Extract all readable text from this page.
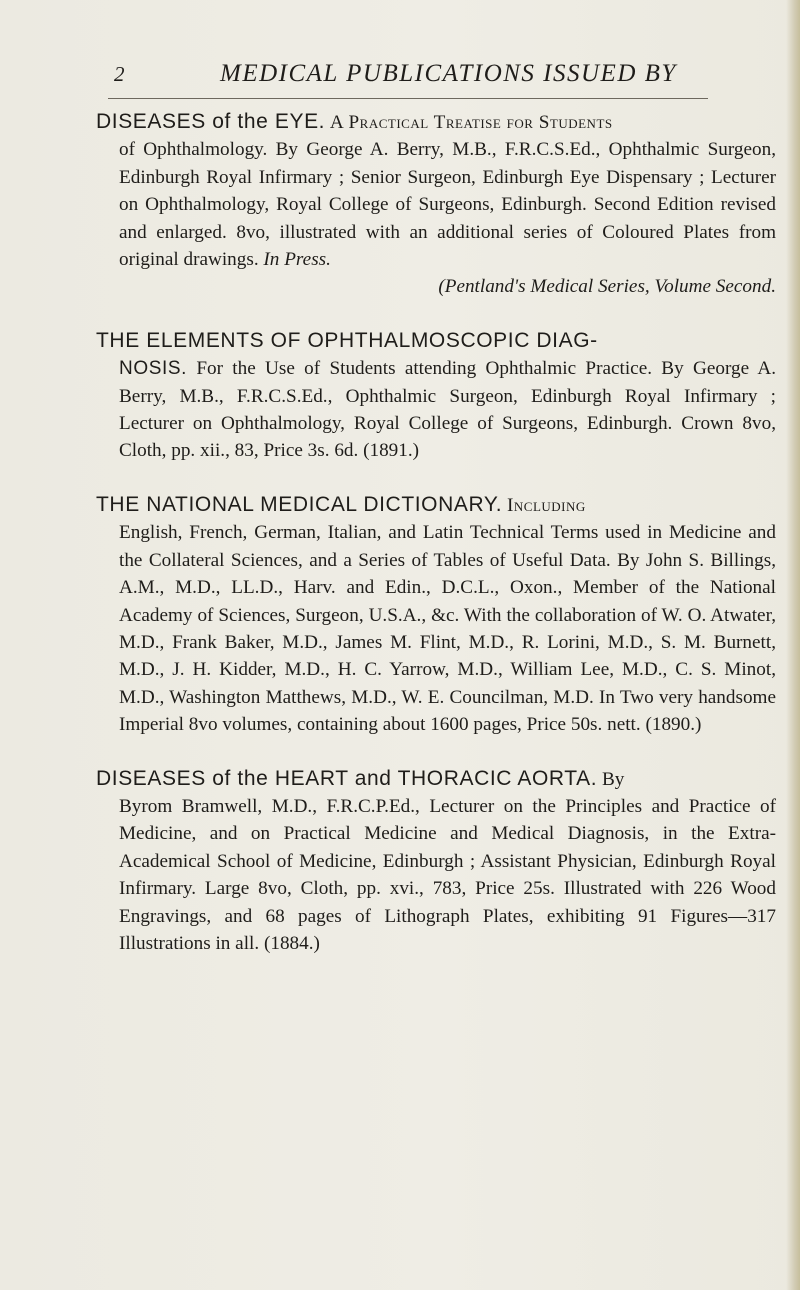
2	MEDICAL PUBLICATIONS ISSUED BY

DISEASES of the EYE. A Practical Treatise for Students

of Ophthalmology. By George A. Berry, M.B., F.R.C.S.Ed., Ophthalmic Surgeon, Edinburgh Royal Infirmary ; Senior Surgeon, Edinburgh Eye Dispensary ; Lecturer on Ophthalmology, Royal College of Surgeons, Edinburgh. Second Edition revised and enlarged. 8vo, illustrated with an additional series of Coloured Plates from original drawings. In Press.

(Pentland's Medical Series, Volume Second.

THE ELEMENTS OF OPHTHALMOSCOPIC DIAG-

NOSIS. For the Use of Students attending Ophthalmic Practice. By George A. Berry, M.B., F.R.C.S.Ed., Ophthalmic Surgeon, Edinburgh Royal Infirmary ; Lecturer on Ophthalmology, Royal College of Surgeons, Edinburgh. Crown 8vo, Cloth, pp. xii., 83, Price 3s. 6d. (1891.)

THE NATIONAL MEDICAL DICTIONARY. Including

English, French, German, Italian, and Latin Technical Terms used in Medicine and the Collateral Sciences, and a Series of Tables of Useful Data. By John S. Billings, A.M., M.D., LL.D., Harv. and Edin., D.C.L., Oxon., Member of the National Academy of Sciences, Surgeon, U.S.A., &c. With the collaboration of W. O. Atwater, M.D., Frank Baker, M.D., James M. Flint, M.D., R. Lorini, M.D., S. M. Burnett, M.D., J. H. Kidder, M.D., H. C. Yarrow, M.D., William Lee, M.D., C. S. Minot, M.D., Washington Matthews, M.D., W. E. Councilman, M.D. In Two very handsome Imperial 8vo volumes, containing about 1600 pages, Price 50s. nett. (1890.)

DISEASES of the HEART and THORACIC AORTA. By

Byrom Bramwell, M.D., F.R.C.P.Ed., Lecturer on the Principles and Practice of Medicine, and on Practical Medicine and Medical Diagnosis, in the Extra-Academical School of Medicine, Edinburgh ; Assistant Physician, Edinburgh Royal Infirmary. Large 8vo, Cloth, pp. xvi., 783, Price 25s. Illustrated with 226 Wood Engravings, and 68 pages of Lithograph Plates, exhibiting 91 Figures—317 Illustrations in all. (1884.)
